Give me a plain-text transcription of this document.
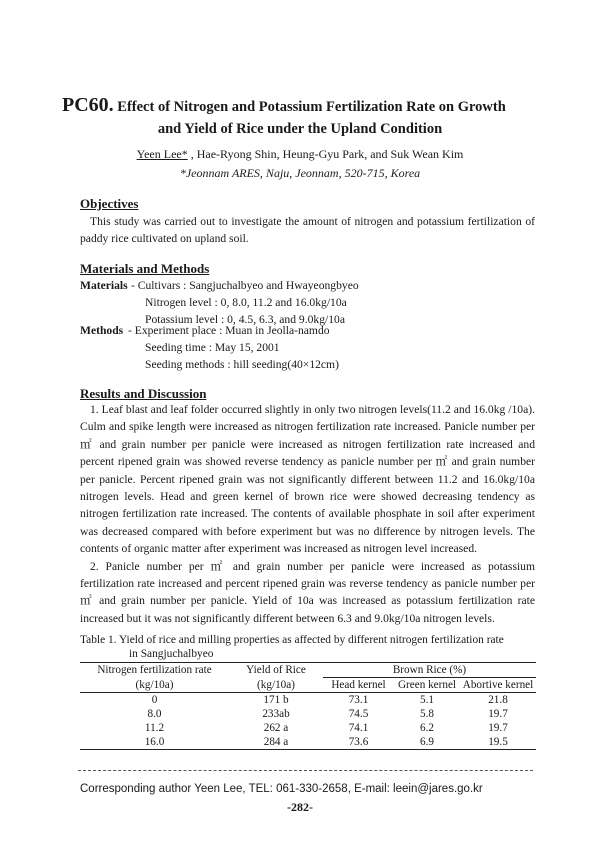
PC60. Effect of Nitrogen and Potassium Fertilization Rate on Growth
and Yield of Rice under the Upland Condition
Yeen Lee* , Hae-Ryong Shin, Heung-Gyu Park, and Suk Wean Kim
*Jeonnam ARES, Naju, Jeonnam, 520-715, Korea
Objectives

This study was carried out to investigate the amount of nitrogen and potassium fertilization of paddy rice cultivated on upland soil.

Materials and Methods
Materials - Cultivars : Sangjuchalbyeo and Hwayeongbyeo
Nitrogen level : 0, 8.0, 11.2 and 16.0kg/10a
Potassium level : 0, 4.5, 6.3, and 9.0kg/10a
Methods - Experiment place : Muan in Jeolla-namdo
Seeding time : May 15, 2001
Seeding methods : hill seeding(40×12cm)
Results and Discussion

1. Leaf blast and leaf folder occurred slightly in only two nitrogen levels(11.2 and 16.0kg /10a). Culm and spike length were increased as nitrogen fertilization rate increased. Panicle number per ㎡ and grain number per panicle were increased as nitrogen fertilization rate increased and percent ripened grain was showed reverse tendency as panicle number per ㎡ and grain number per panicle. Percent ripened grain was not significantly different between 11.2 and 16.0kg/10a nitrogen levels. Head and green kernel of brown rice were showed decreasing tendency as nitrogen fertilization rate increased. The contents of available phosphate in soil after experiment was decreased compared with before experiment but was no difference by nitrogen levels. The contents of organic matter after experiment was increased as nitrogen level increased.

2. Panicle number per ㎡ and grain number per panicle were increased as potassium fertilization rate increased and percent ripened grain was reverse tendency as panicle number per ㎡ and grain number per panicle. Yield of 10a was increased as potassium fertilization rate increased but it was not significantly different between 6.3 and 9.0kg/10a nitrogen levels.

Table 1. Yield of rice and milling properties as affected by different nitrogen fertilization rate
in Sangjuchalbyeo
Nitrogen fertilization rate	Yield of Rice	Brown Rice (%)		
(kg/10a)	(kg/10a)	Head kernel	Green kernel	Abortive kernel
0	171 b	73.1	5.1	21.8
8.0	233ab	74.5	5.8	19.7
11.2	262 a	74.1	6.2	19.7
16.0	284 a	73.6	6.9	19.5
Corresponding author Yeen Lee, TEL: 061-330-2658, E-mail: leein@jares.go.kr
-282-
